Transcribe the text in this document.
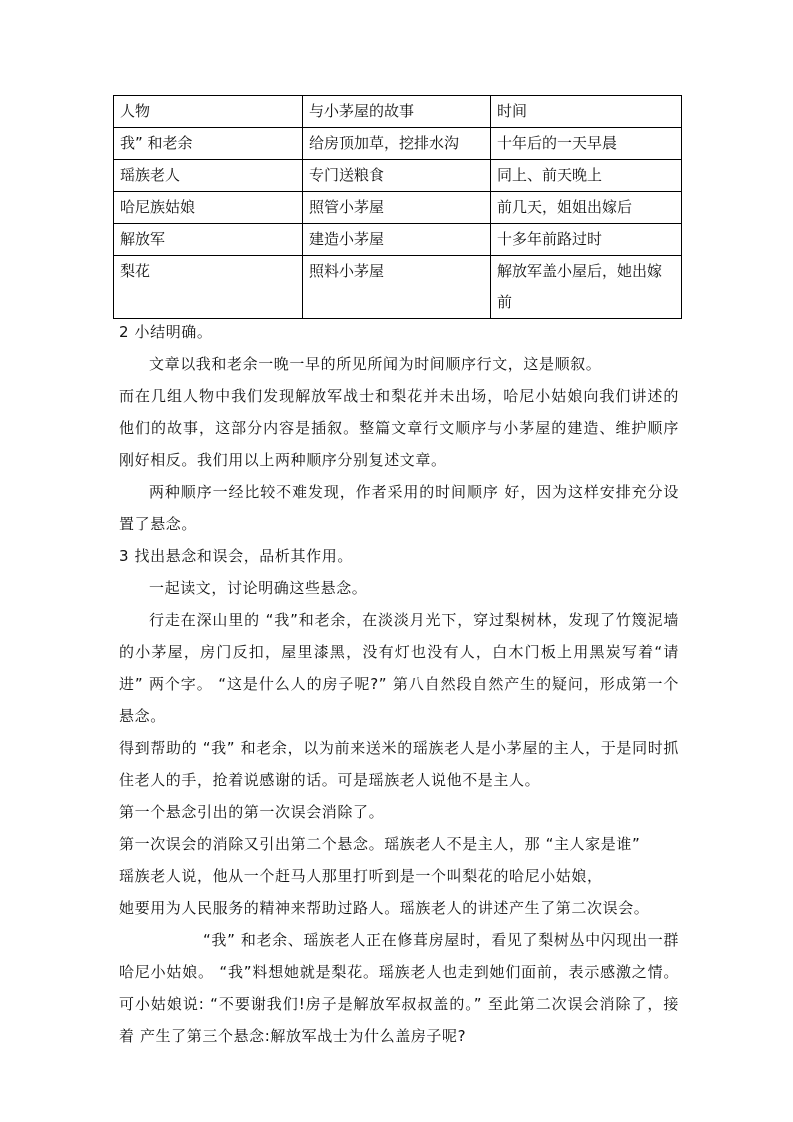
人物	与小茅屋的故事	时间
我” 和老余	给房顶加草，挖排水沟	十年后的一天早晨
瑶族老人	专门送粮食	同上、前天晚上
哈尼族姑娘	照管小茅屋	前几天，姐姐出嫁后
解放军	建造小茅屋	十多年前路过时
梨花	照料小茅屋	解放军盖小屋后，她出嫁前

2 小结明确。

文章以我和老余一晚一早的所见所闻为时间顺序行文，这是顺叙。

而在几组人物中我们发现解放军战士和梨花并未出场，哈尼小姑娘向我们讲述的他们的故事，这部分内容是插叙。整篇文章行文顺序与小茅屋的建造、维护顺序刚好相反。我们用以上两种顺序分别复述文章。

两种顺序一经比较不难发现，作者采用的时间顺序 好，因为这样安排充分设置了悬念。

3 找出悬念和误会，品析其作用。

一起读文，讨论明确这些悬念。

行走在深山里的 “我”和老余，在淡淡月光下，穿过梨树林，发现了竹篾泥墙的小茅屋，房门反扣，屋里漆黑，没有灯也没有人，白木门板上用黑炭写着“请进” 两个字。 “这是什么人的房子呢?” 第八自然段自然产生的疑问，形成第一个悬念。

得到帮助的 “我” 和老余，以为前来送米的瑶族老人是小茅屋的主人，于是同时抓住老人的手，抢着说感谢的话。可是瑶族老人说他不是主人。

第一个悬念引出的第一次误会消除了。

第一次误会的消除又引出第二个悬念。瑶族老人不是主人，那 “主人家是谁”

瑶族老人说，他从一个赶马人那里打听到是一个叫梨花的哈尼小姑娘，

她要用为人民服务的精神来帮助过路人。瑶族老人的讲述产生了第二次误会。

“我” 和老余、瑶族老人正在修葺房屋时，看见了梨树丛中闪现出一群哈尼小姑娘。 “我”料想她就是梨花。瑶族老人也走到她们面前，表示感激之情。可小姑娘说: “不要谢我们!房子是解放军叔叔盖的。” 至此第二次误会消除了，接着 产生了第三个悬念:解放军战士为什么盖房子呢?
